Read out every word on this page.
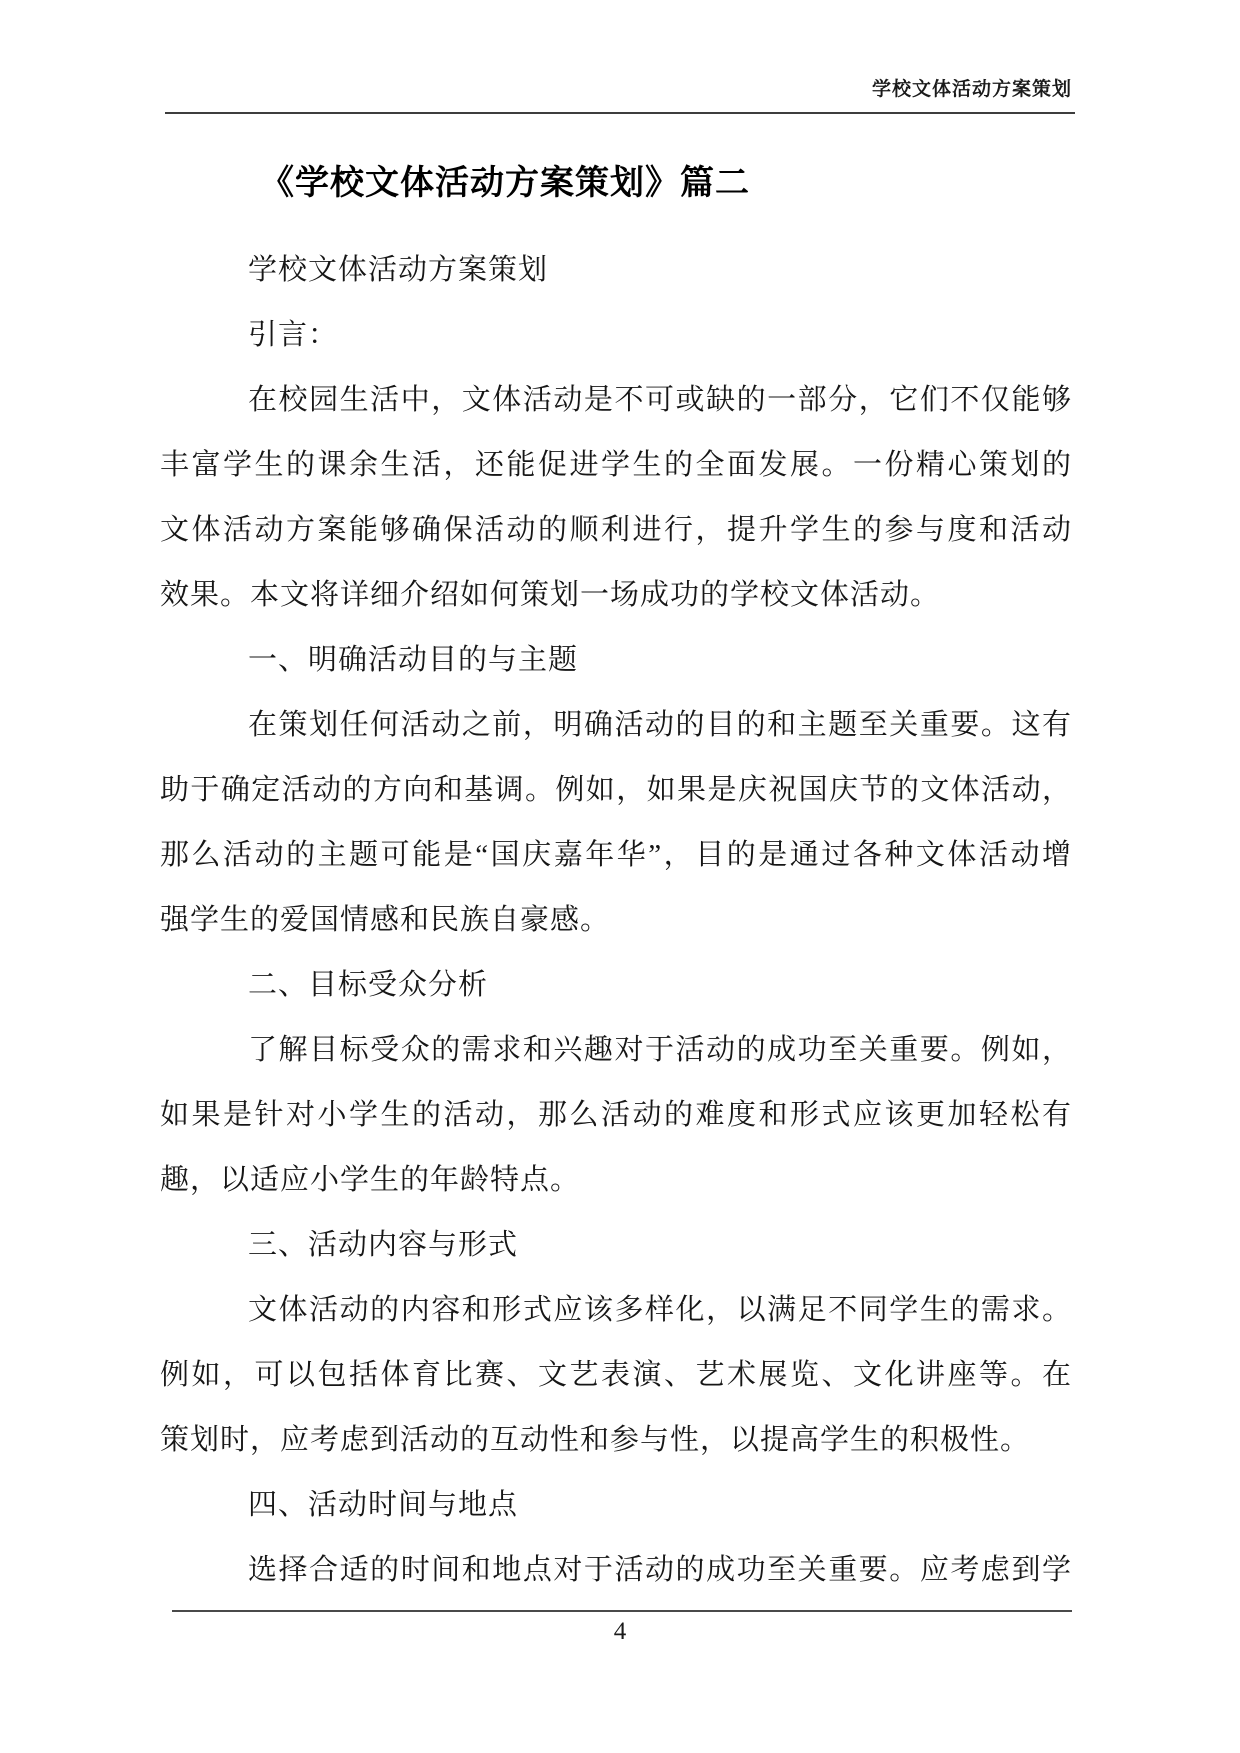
学校文体活动方案策划
《学校文体活动方案策划》篇二
学校文体活动方案策划
引言：
在校园生活中，文体活动是不可或缺的一部分，它们不仅能够
丰富学生的课余生活，还能促进学生的全面发展。一份精心策划的
文体活动方案能够确保活动的顺利进行，提升学生的参与度和活动
效果。本文将详细介绍如何策划一场成功的学校文体活动。
一、明确活动目的与主题
在策划任何活动之前，明确活动的目的和主题至关重要。这有
助于确定活动的方向和基调。例如，如果是庆祝国庆节的文体活动，
那么活动的主题可能是“国庆嘉年华”，目的是通过各种文体活动增
强学生的爱国情感和民族自豪感。
二、目标受众分析
了解目标受众的需求和兴趣对于活动的成功至关重要。例如，
如果是针对小学生的活动，那么活动的难度和形式应该更加轻松有
趣，以适应小学生的年龄特点。
三、活动内容与形式
文体活动的内容和形式应该多样化，以满足不同学生的需求。
例如，可以包括体育比赛、文艺表演、艺术展览、文化讲座等。在
策划时，应考虑到活动的互动性和参与性，以提高学生的积极性。
四、活动时间与地点
选择合适的时间和地点对于活动的成功至关重要。应考虑到学
4
